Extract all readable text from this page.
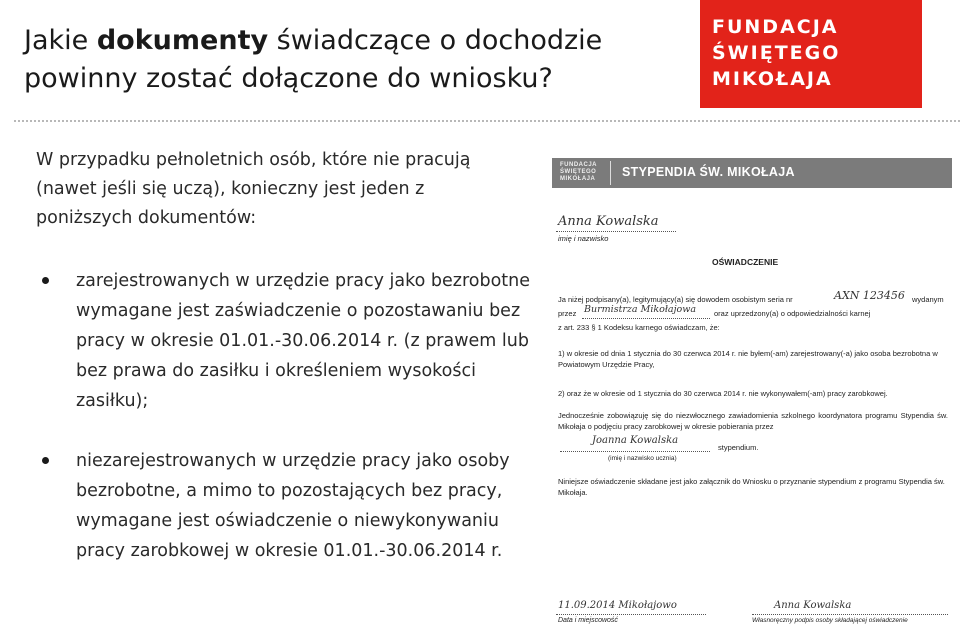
Jakie dokumenty świadczące o dochodzie powinny zostać dołączone do wniosku?
FUNDACJA
ŚWIĘTEGO
MIKOŁAJA

W przypadku pełnoletnich osób, które nie pracują (nawet jeśli się uczą), konieczny jest jeden z poniższych dokumentów:

zarejestrowanych w urzędzie pracy jako bezrobotne wymagane jest zaświadczenie o pozostawaniu bez pracy w okresie 01.01.-30.06.2014 r. (z prawem lub bez prawa do zasiłku i określeniem wysokości zasiłku);
niezarejestrowanych w urzędzie pracy jako osoby bezrobotne, a mimo to pozostających bez pracy, wymagane jest oświadczenie o niewykonywaniu pracy zarobkowej w okresie 01.01.-30.06.2014 r.
FUNDACJA
ŚWIĘTEGO
MIKOŁAJA STYPENDIA ŚW. MIKOŁAJA
Anna Kowalska
imię i nazwisko
OŚWIADCZENIE
Ja niżej podpisany(a), legitymujący(a) się dowodem osobistym seria nr	AXN 123456 wydanym
przez Burmistrza Mikołajowa oraz uprzedzony(a) o odpowiedzialności karnej
z art. 233 § 1 Kodeksu karnego oświadczam, że:
1) w okresie od dnia 1 stycznia do 30 czerwca 2014 r. nie byłem(-am) zarejestrowany(-a) jako osoba bezrobotna w Powiatowym Urzędzie Pracy,
2) oraz że w okresie od 1 stycznia do 30 czerwca 2014 r. nie wykonywałem(-am) pracy zarobkowej.
Jednocześnie zobowiązuję się do niezwłocznego zawiadomienia szkolnego koordynatora programu Stypendia św. Mikołaja o podjęciu pracy zarobkowej w okresie pobierania przez
Joanna Kowalska
stypendium.
(imię i nazwisko ucznia)
Niniejsze oświadczenie składane jest jako załącznik do Wniosku o przyznanie stypendium z programu Stypendia św. Mikołaja.
11.09.2014 Mikołajowo
Data i miejscowość
Anna Kowalska
Własnoręczny podpis osoby składającej oświadczenie
